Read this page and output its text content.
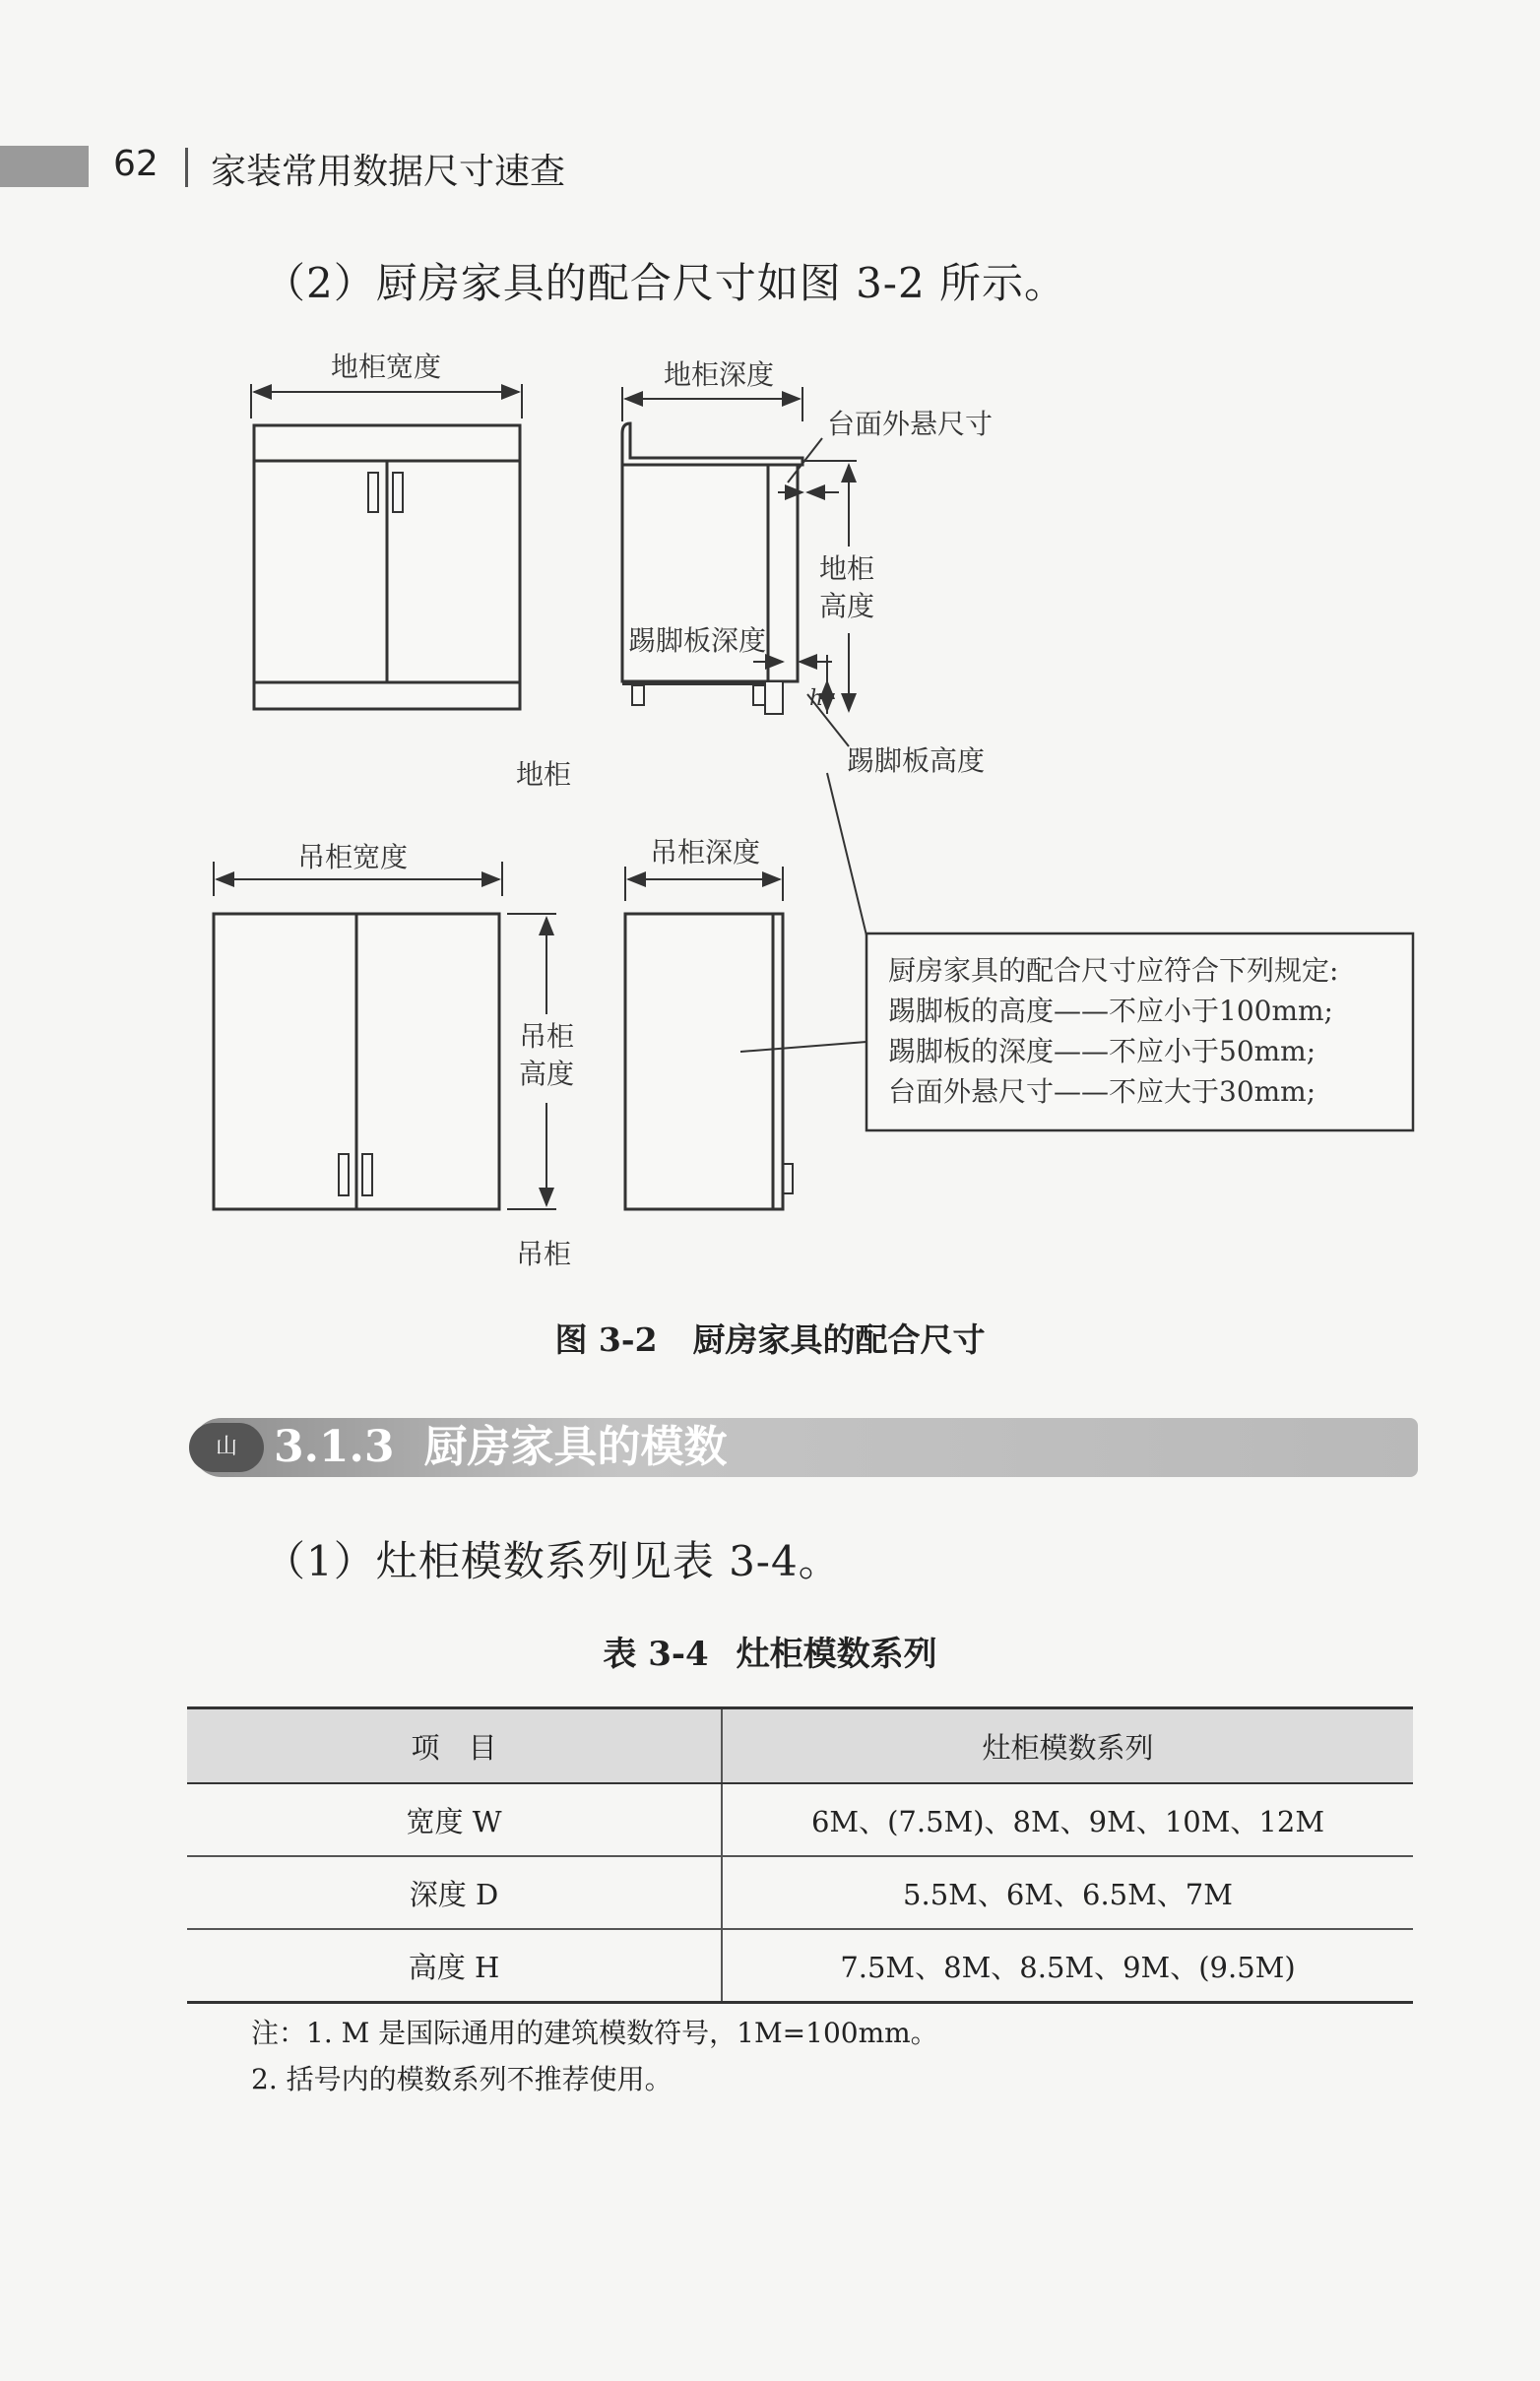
62 家装常用数据尺寸速查
（2）厨房家具的配合尺寸如图 3-2 所示。
地柜宽度
地柜
地柜深度
台面外悬尺寸
地柜
高度
踢脚板深度
h
踢脚板高度
吊柜宽度
吊柜
高度
吊柜
吊柜深度
厨房家具的配合尺寸应符合下列规定:
踢脚板的高度——不应小于100mm;
踢脚板的深度——不应小于50mm;
台面外悬尺寸——不应大于30mm;
图 3-2 厨房家具的配合尺寸
山 3.1.3 厨房家具的模数
（1）灶柜模数系列见表 3-4。
表 3-4 灶柜模数系列
项　目	灶柜模数系列
宽度 W	6M、(7.5M)、8M、9M、10M、12M
深度 D	5.5M、6M、6.5M、7M
高度 H	7.5M、8M、8.5M、9M、(9.5M)
注：1. M 是国际通用的建筑模数符号，1M=100mm。
2. 括号内的模数系列不推荐使用。
